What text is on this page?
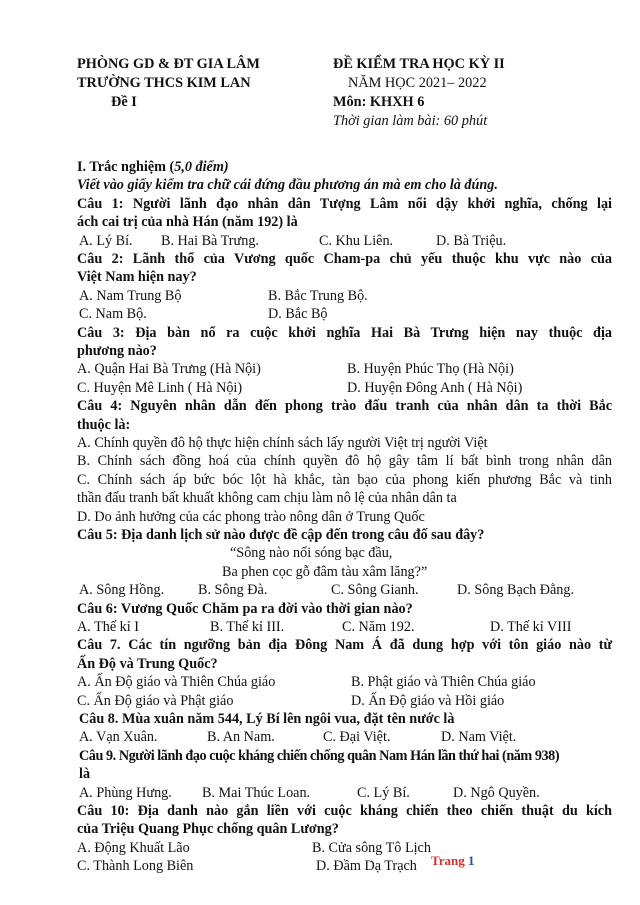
PHÒNG GD & ĐT GIA LÂM
TRƯỜNG THCS KIM LAN
Đề I
ĐỀ KIỂM TRA HỌC KỲ II
NĂM HỌC 2021– 2022
Môn: KHXH 6
Thời gian làm bài: 60 phút
I. Trắc nghiệm (5,0 điểm)
Viết vào giấy kiểm tra chữ cái đứng đầu phương án mà em cho là đúng.
Câu 1: Người lãnh đạo nhân dân Tượng Lâm nổi dậy khởi nghĩa, chống lại
ách cai trị của nhà Hán (năm 192) là
A. Lý Bí. B. Hai Bà Trưng.	C. Khu Liên.	D. Bà Triệu.
Câu 2: Lãnh thổ của Vương quốc Cham-pa chủ yếu thuộc khu vực nào của
Việt Nam hiện nay?
A. Nam Trung Bộ	B. Bắc Trung Bộ.
C. Nam Bộ.	D. Bắc Bộ
Câu 3: Địa bàn nổ ra cuộc khởi nghĩa Hai Bà Trưng hiện nay thuộc địa
phương nào?
A. Quận Hai Bà Trưng (Hà Nội)	B. Huyện Phúc Thọ (Hà Nội)
C. Huyện Mê Linh ( Hà Nội)	D. Huyện Đông Anh ( Hà Nội)
Câu 4: Nguyên nhân dẫn đến phong trào đấu tranh của nhân dân ta thời Bắc
thuộc là:
A. Chính quyền đô hộ thực hiện chính sách lấy người Việt trị người Việt
B. Chính sách đồng hoá của chính quyền đô hộ gây tâm lí bất bình trong nhân dân
C. Chính sách áp bức bóc lột hà khắc, tàn bạo của phong kiến phương Bắc và tinh
thần đấu tranh bất khuất không cam chịu làm nô lệ của nhân dân ta
D. Do ảnh hưởng của các phong trào nông dân ở Trung Quốc
Câu 5: Địa danh lịch sử nào được đề cập đến trong câu đố sau đây?
“Sông nào nổi sóng bạc đầu,
Ba phen cọc gỗ đâm tàu xâm lăng?”
A. Sông Hồng. B. Sông Đà.	C. Sông Gianh.	D. Sông Bạch Đằng.
Câu 6: Vương Quốc Chăm pa ra đời vào thời gian nào?
A. Thế kỉ I	B. Thế kỉ III.	C. Năm 192.	D. Thế kỉ VIII
Câu 7. Các tín ngưỡng bản địa Đông Nam Á đã dung hợp với tôn giáo nào từ
Ấn Độ và Trung Quốc?
A. Ấn Độ giáo và Thiên Chúa giáo	B. Phật giáo và Thiên Chúa giáo
C. Ấn Độ giáo và Phật giáo	D. Ấn Độ giáo và Hồi giáo
Câu 8. Mùa xuân năm 544, Lý Bí lên ngôi vua, đặt tên nước là
A. Vạn Xuân.	B. An Nam.	C. Đại Việt.	D. Nam Việt.
Câu 9. Người lãnh đạo cuộc kháng chiến chống quân Nam Hán lần thứ hai (năm 938)
là
A. Phùng Hưng. B. Mai Thúc Loan.	C. Lý Bí.	D. Ngô Quyền.
Câu 10: Địa danh nào gắn liền với cuộc kháng chiến theo chiến thuật du kích
của Triệu Quang Phục chống quân Lương?
A. Động Khuất Lão	B. Cửa sông Tô Lịch
C. Thành Long Biên	D. Đầm Dạ Trạch Trang 1
